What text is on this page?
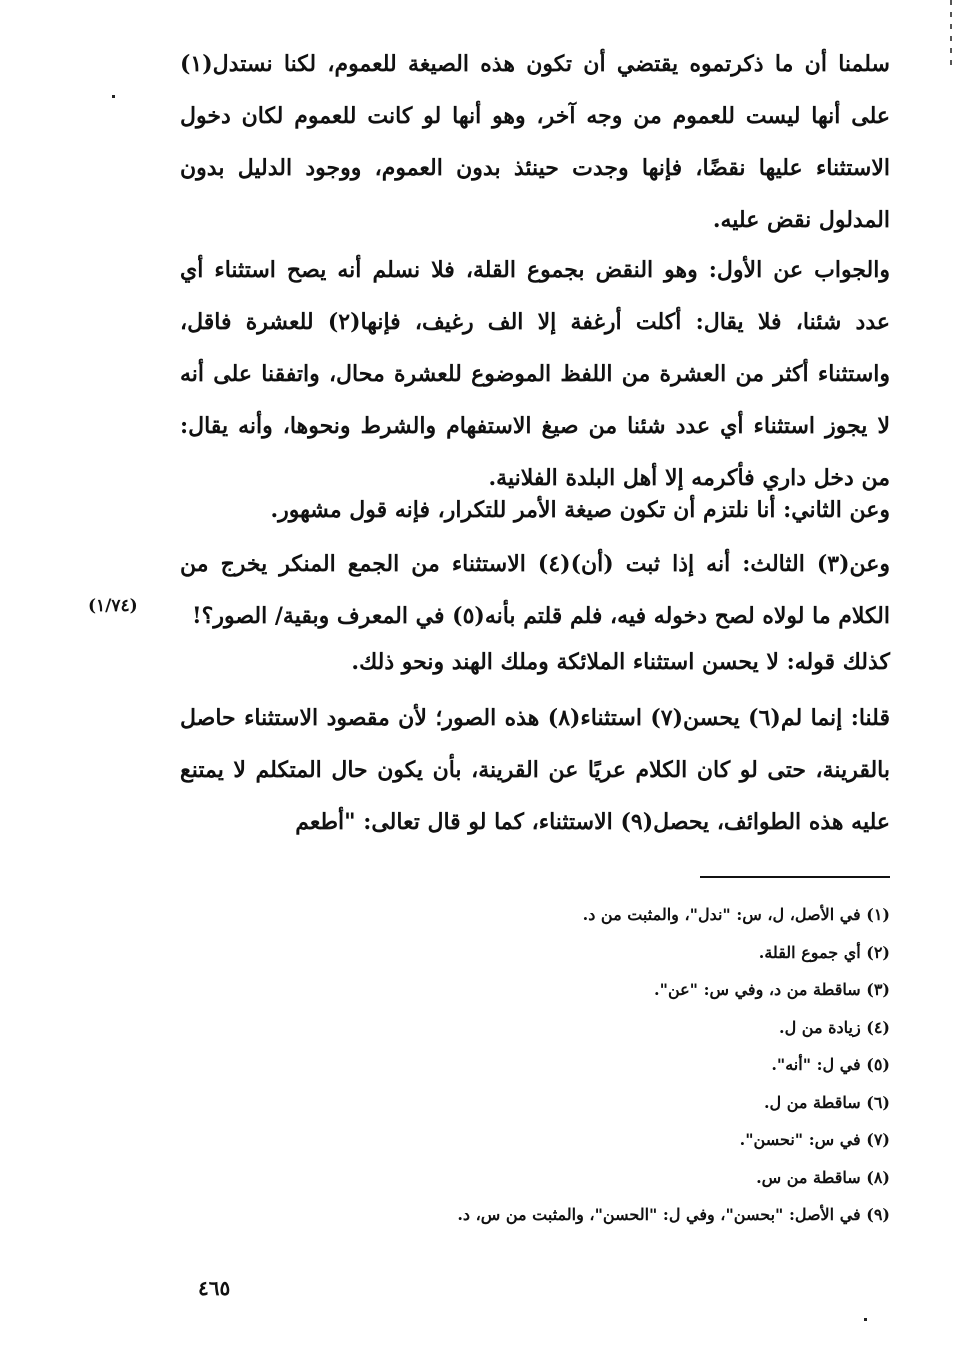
سلمنا أن ما ذكرتموه يقتضي أن تكون هذه الصيغة للعموم، لكنا نستدل(١) على أنها ليست للعموم من وجه آخر، وهو أنها لو كانت للعموم لكان دخول الاستثناء عليها نقضًا، فإنها وجدت حينئذ بدون العموم، ووجود الدليل بدون المدلول نقض عليه.

والجواب عن الأول: وهو النقض بجموع القلة، فلا نسلم أنه يصح استثناء أي عدد شئنا، فلا يقال: أكلت أرغفة إلا الف رغيف، فإنها(٢) للعشرة فاقل، واستثناء أكثر من العشرة من اللفظ الموضوع للعشرة محال، واتفقنا على أنه لا يجوز استثناء أي عدد شئنا من صيغ الاستفهام والشرط ونحوها، وأنه يقال: من دخل داري فأكرمه إلا أهل البلدة الفلانية.

وعن الثاني: أنا نلتزم أن تكون صيغة الأمر للتكرار، فإنه قول مشهور.

وعن(٣) الثالث: أنه إذا ثبت (أن)(٤) الاستثناء من الجمع المنكر يخرج من الكلام ما لولاه لصح دخوله فيه، فلم قلتم بأنه(٥) في المعرف وبقية/ الصور؟!

كذلك قوله: لا يحسن استثناء الملائكة وملك الهند ونحو ذلك.

قلنا: إنما لم(٦) يحسن(٧) استثناء(٨) هذه الصور؛ لأن مقصود الاستثناء حاصل بالقرينة، حتى لو كان الكلام عريًا عن القرينة، بأن يكون حال المتكلم لا يمتنع عليه هذه الطوائف، يحصل(٩) الاستثناء، كما لو قال تعالى: "أطعم

(١/٧٤)
(١) في الأصل، ل، س: "ندل"، والمثبت من د.
(٢) أي جموع القلة.
(٣) ساقطة من د، وفي س: "عن".
(٤) زيادة من ل.
(٥) في ل: "أنه".
(٦) ساقطة من ل.
(٧) في س: "نحسن".
(٨) ساقطة من س.
(٩) في الأصل: "بحسن"، وفي ل: "الحسن"، والمثبت من س، د.
٤٦٥
